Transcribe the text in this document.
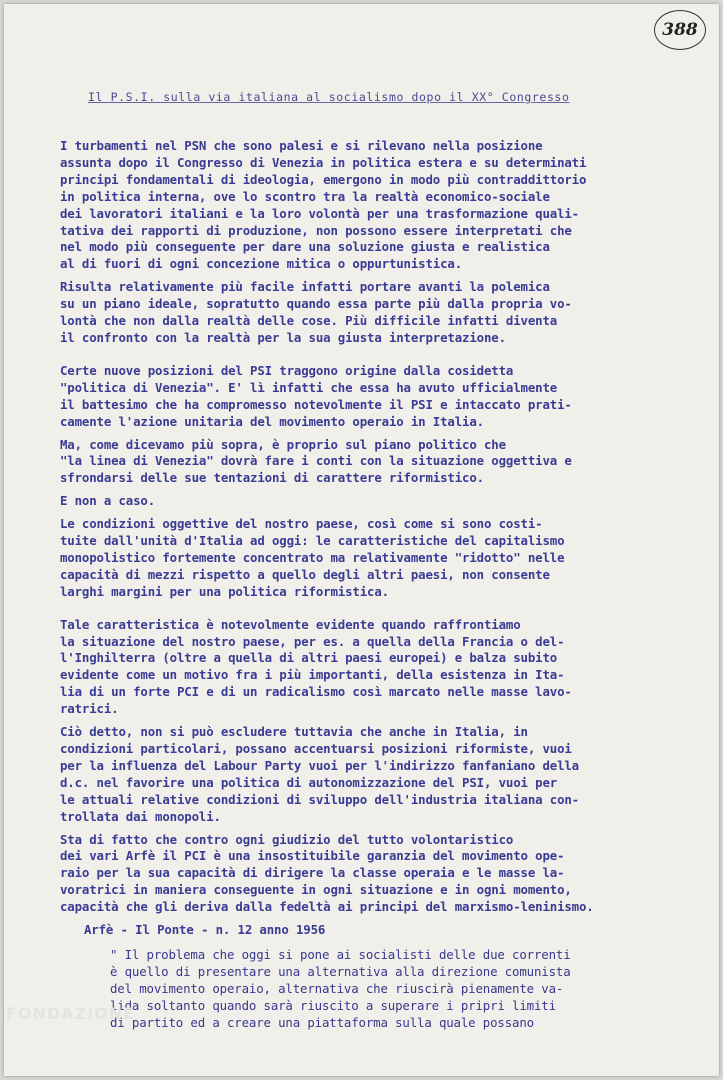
388
Il P.S.I. sulla via italiana al socialismo dopo il XX° Congresso

I turbamenti nel PSN che sono palesi e si rilevano nella posizione
assunta dopo il Congresso di Venezia in politica estera e su determinati
principi fondamentali di ideologia, emergono in modo più contraddittorio
in politica interna, ove lo scontro tra la realtà economico-sociale
dei lavoratori italiani e la loro volontà per una trasformazione quali-
tativa dei rapporti di produzione, non possono essere interpretati che
nel modo più conseguente per dare una soluzione giusta e realistica
al di fuori di ogni concezione mitica o oppurtunistica.

Risulta relativamente più facile infatti portare avanti la polemica
su un piano ideale, sopratutto quando essa parte più dalla propria vo-
lontà che non dalla realtà delle cose. Più difficile infatti diventa
il confronto con la realtà per la sua giusta interpretazione.

Certe nuove posizioni del PSI traggono origine dalla cosidetta
"politica di Venezia". E' lì infatti che essa ha avuto ufficialmente
il battesimo che ha compromesso notevolmente il PSI e intaccato prati-
camente l'azione unitaria del movimento operaio in Italia.

Ma, come dicevamo più sopra, è proprio sul piano politico che
"la linea di Venezia" dovrà fare i conti con la situazione oggettiva e
sfrondarsi delle sue tentazioni di carattere riformistico.

E non a caso.

Le condizioni oggettive del nostro paese, così come si sono costi-
tuite dall'unità d'Italia ad oggi: le caratteristiche del capitalismo
monopolistico fortemente concentrato ma relativamente "ridotto" nelle
capacità di mezzi rispetto a quello degli altri paesi, non consente
larghi margini per una politica riformistica.

Tale caratteristica è notevolmente evidente quando raffrontiamo
la situazione del nostro paese, per es. a quella della Francia o del-
l'Inghilterra (oltre a quella di altri paesi europei) e balza subito
evidente come un motivo fra i più importanti, della esistenza in Ita-
lia di un forte PCI e di un radicalismo così marcato nelle masse lavo-
ratrici.

Ciò detto, non si può escludere tuttavia che anche in Italia, in
condizioni particolari, possano accentuarsi posizioni riformiste, vuoi
per la influenza del Labour Party vuoi per l'indirizzo fanfaniano della
d.c. nel favorire una politica di autonomizzazione del PSI, vuoi per
le attuali relative condizioni di sviluppo dell'industria italiana con-
trollata dai monopoli.

Sta di fatto che contro ogni giudizio del tutto volontaristico
dei vari Arfè il PCI è una insostituibile garanzia del movimento ope-
raio per la sua capacità di dirigere la classe operaia e le masse la-
voratrici in maniera conseguente in ogni situazione e in ogni momento,
capacità che gli deriva dalla fedeltà ai principi del marxismo-leninismo.

Arfè - Il Ponte - n. 12 anno 1956

" Il problema che oggi si pone ai socialisti delle due correnti
è quello di presentare una alternativa alla direzione comunista
del movimento operaio, alternativa che riuscirà pienamente va-
lida soltanto quando sarà riuscito a superare i pripri limiti
di partito ed a creare una piattaforma sulla quale possano

FONDAZIONE
